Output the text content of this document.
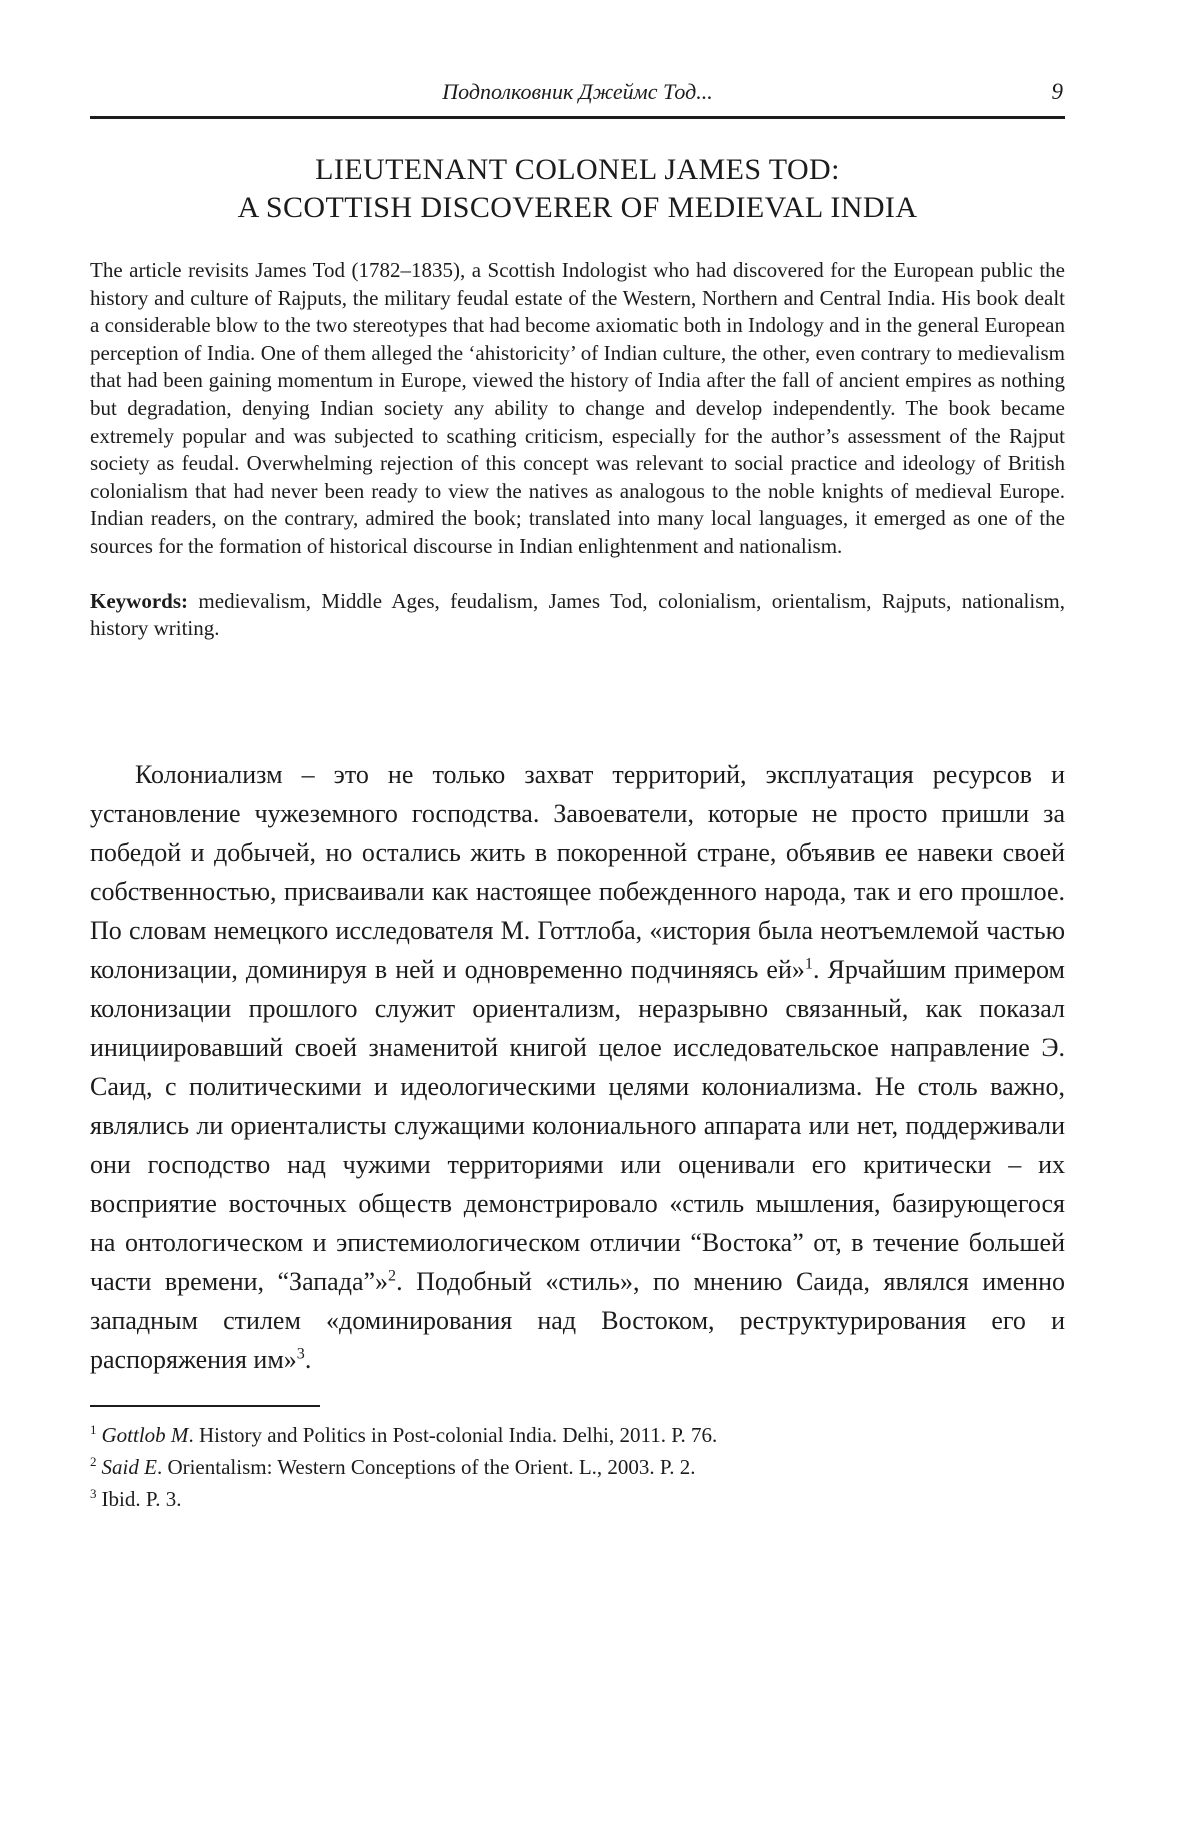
Подполковник Джеймс Тод...	9
LIEUTENANT COLONEL JAMES TOD:
A SCOTTISH DISCOVERER OF MEDIEVAL INDIA

The article revisits James Tod (1782–1835), a Scottish Indologist who had discovered for the European public the history and culture of Rajputs, the military feudal estate of the Western, Northern and Central India. His book dealt a considerable blow to the two stereotypes that had become axiomatic both in Indology and in the general European perception of India. One of them alleged the ‘ahistoricity’ of Indian culture, the other, even contrary to medievalism that had been gaining momentum in Europe, viewed the history of India after the fall of ancient empires as nothing but degradation, denying Indian society any ability to change and develop independently. The book became extremely popular and was subjected to scathing criticism, especially for the author’s assessment of the Rajput society as feudal. Overwhelming rejection of this concept was relevant to social practice and ideology of British colonialism that had never been ready to view the natives as analogous to the noble knights of medieval Europe. Indian readers, on the contrary, admired the book; translated into many local languages, it emerged as one of the sources for the formation of historical discourse in Indian enlightenment and nationalism.

Keywords: medievalism, Middle Ages, feudalism, James Tod, colonialism, orientalism, Rajputs, nationalism, history writing.

Колониализм – это не только захват территорий, эксплуатация ресурсов и установление чужеземного господства. Завоеватели, которые не просто пришли за победой и добычей, но остались жить в покоренной стране, объявив ее навеки своей собственностью, присваивали как настоящее побежденного народа, так и его прошлое. По словам немецкого исследователя М. Готтлоба, «история была неотъемлемой частью колонизации, доминируя в ней и одновременно подчиняясь ей»$^1$. Ярчайшим примером колонизации прошлого служит ориентализм, неразрывно связанный, как показал инициировавший своей знаменитой книгой целое исследовательское направление Э. Саид, с политическими и идеологическими целями колониализма. Не столь важно, являлись ли ориенталисты служащими колониального аппарата или нет, поддерживали они господство над чужими территориями или оценивали его критически – их восприятие восточных обществ демонстрировало «стиль мышления, базирующегося на онтологическом и эпистемиологическом отличии “Востока” от, в течение большей части времени, “Запада”»$^2$. Подобный «стиль», по мнению Саида, являлся именно западным стилем «доминирования над Востоком, реструктурирования его и распоряжения им»$^3$.

$^1$ Gottlob M. History and Politics in Post-colonial India. Delhi, 2011. P. 76.

$^2$ Said E. Orientalism: Western Conceptions of the Orient. L., 2003. P. 2.

$^3$ Ibid. P. 3.
